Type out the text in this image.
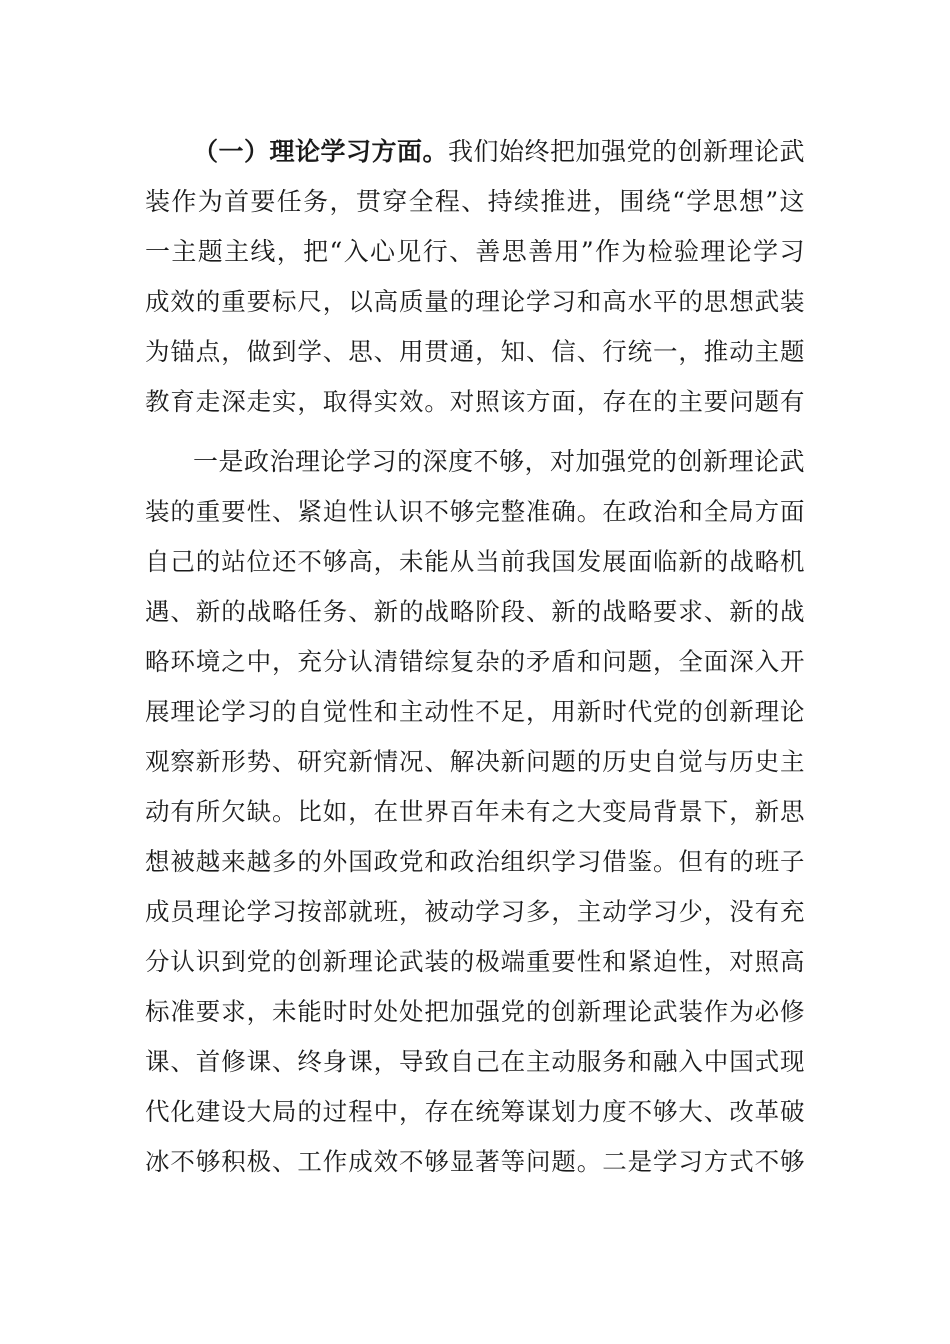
（一）理论学习方面。我们始终把加强党的创新理论武
装作为首要任务，贯穿全程、持续推进，围绕“学思想”这
一主题主线，把“入心见行、善思善用”作为检验理论学习
成效的重要标尺，以高质量的理论学习和高水平的思想武装
为锚点，做到学、思、用贯通，知、信、行统一，推动主题
教育走深走实，取得实效。对照该方面，存在的主要问题有
一是政治理论学习的深度不够，对加强党的创新理论武
装的重要性、紧迫性认识不够完整准确。在政治和全局方面
自己的站位还不够高，未能从当前我国发展面临新的战略机
遇、新的战略任务、新的战略阶段、新的战略要求、新的战
略环境之中，充分认清错综复杂的矛盾和问题，全面深入开
展理论学习的自觉性和主动性不足，用新时代党的创新理论
观察新形势、研究新情况、解决新问题的历史自觉与历史主
动有所欠缺。比如，在世界百年未有之大变局背景下，新思
想被越来越多的外国政党和政治组织学习借鉴。但有的班子
成员理论学习按部就班，被动学习多，主动学习少，没有充
分认识到党的创新理论武装的极端重要性和紧迫性，对照高
标准要求，未能时时处处把加强党的创新理论武装作为必修
课、首修课、终身课，导致自己在主动服务和融入中国式现
代化建设大局的过程中，存在统筹谋划力度不够大、改革破
冰不够积极、工作成效不够显著等问题。二是学习方式不够
